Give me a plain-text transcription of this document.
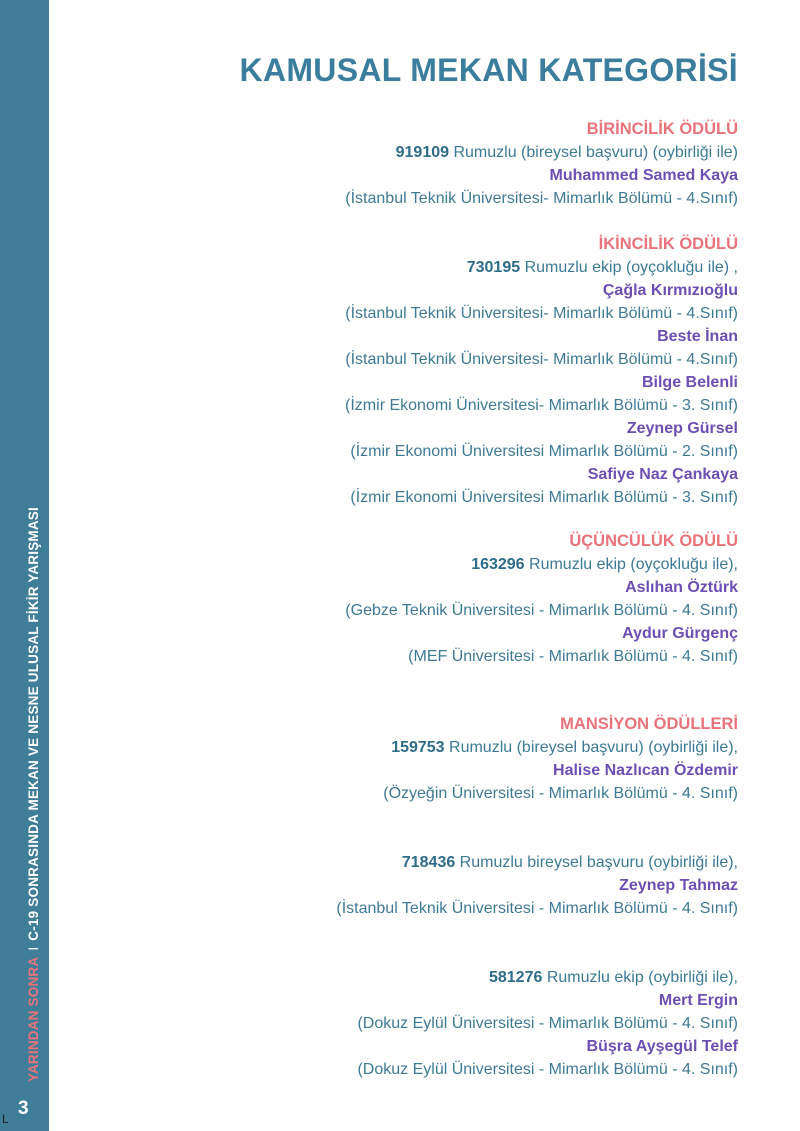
YARINDAN SONRAIC-19 SONRASINDA MEKAN VE NESNE ULUSAL FİKİR YARIŞMASI
3
L
KAMUSAL MEKAN KATEGORİSİ
BİRİNCİLİK ÖDÜLÜ
919109 Rumuzlu (bireysel başvuru) (oybirliği ile)
Muhammed Samed Kaya
(İstanbul Teknik Üniversitesi- Mimarlık Bölümü - 4.Sınıf)
İKİNCİLİK ÖDÜLÜ
730195 Rumuzlu ekip (oyçokluğu ile) ,
Çağla Kırmızıoğlu
(İstanbul Teknik Üniversitesi- Mimarlık Bölümü - 4.Sınıf)
Beste İnan
(İstanbul Teknik Üniversitesi- Mimarlık Bölümü - 4.Sınıf)
Bilge Belenli
(İzmir Ekonomi Üniversitesi- Mimarlık Bölümü - 3. Sınıf)
Zeynep Gürsel
(İzmir Ekonomi Üniversitesi Mimarlık Bölümü - 2. Sınıf)
Safiye Naz Çankaya
(İzmir Ekonomi Üniversitesi Mimarlık Bölümü - 3. Sınıf)
ÜÇÜNCÜLÜK ÖDÜLÜ
163296 Rumuzlu ekip (oyçokluğu ile),
Aslıhan Öztürk
(Gebze Teknik Üniversitesi - Mimarlık Bölümü - 4. Sınıf)
Aydur Gürgenç
(MEF Üniversitesi - Mimarlık Bölümü - 4. Sınıf)
MANSİYON ÖDÜLLERİ
159753 Rumuzlu (bireysel başvuru) (oybirliği ile),
Halise Nazlıcan Özdemir
(Özyeğin Üniversitesi - Mimarlık Bölümü - 4. Sınıf)
718436 Rumuzlu bireysel başvuru (oybirliği ile),
Zeynep Tahmaz
(İstanbul Teknik Üniversitesi - Mimarlık Bölümü - 4. Sınıf)
581276 Rumuzlu ekip (oybirliği ile),
Mert Ergin
(Dokuz Eylül Üniversitesi - Mimarlık Bölümü - 4. Sınıf)
Büşra Ayşegül Telef
(Dokuz Eylül Üniversitesi - Mimarlık Bölümü - 4. Sınıf)
